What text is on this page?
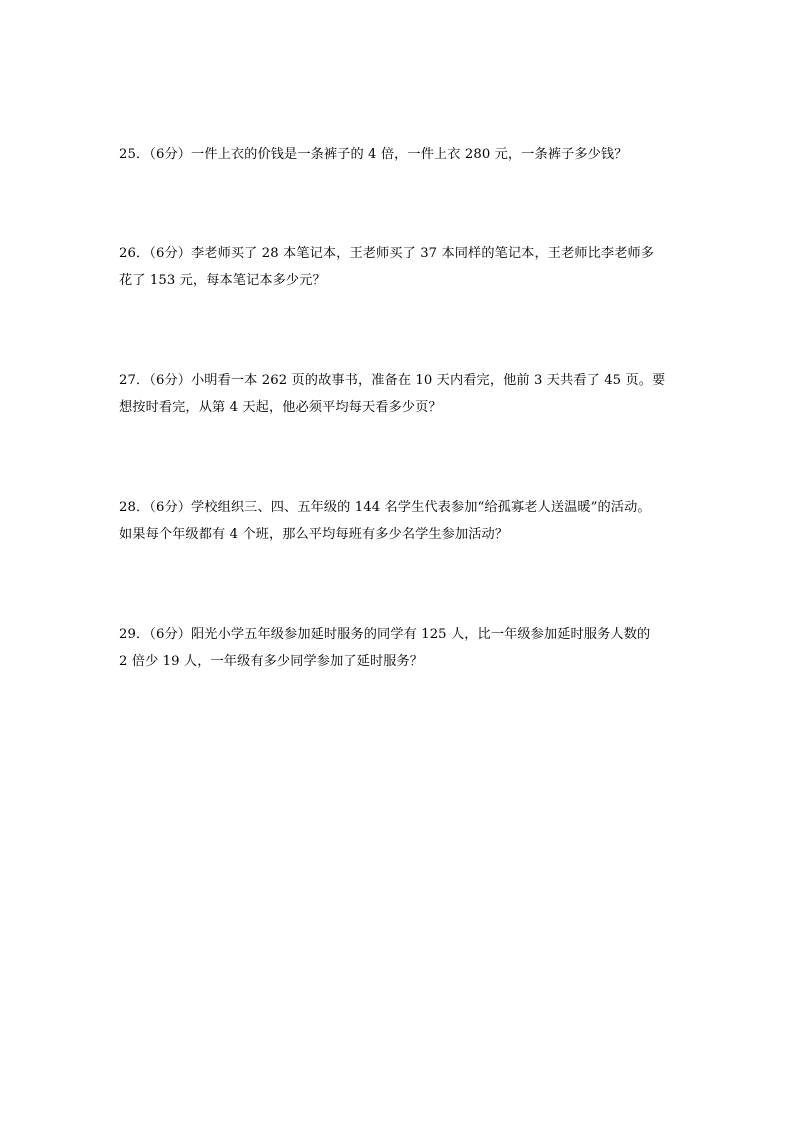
25．（6分）一件上衣的价钱是一条裤子的 4 倍，一件上衣 280 元，一条裤子多少钱？
26．（6分）李老师买了 28 本笔记本，王老师买了 37 本同样的笔记本，王老师比李老师多
花了 153 元，每本笔记本多少元？
27．（6分）小明看一本 262 页的故事书，准备在 10 天内看完，他前 3 天共看了 45 页。要
想按时看完，从第 4 天起，他必须平均每天看多少页？
28．（6分）学校组织三、四、五年级的 144 名学生代表参加“给孤寡老人送温暖”的活动。
如果每个年级都有 4 个班，那么平均每班有多少名学生参加活动？
29．（6分）阳光小学五年级参加延时服务的同学有 125 人，比一年级参加延时服务人数的
2 倍少 19 人，一年级有多少同学参加了延时服务？
